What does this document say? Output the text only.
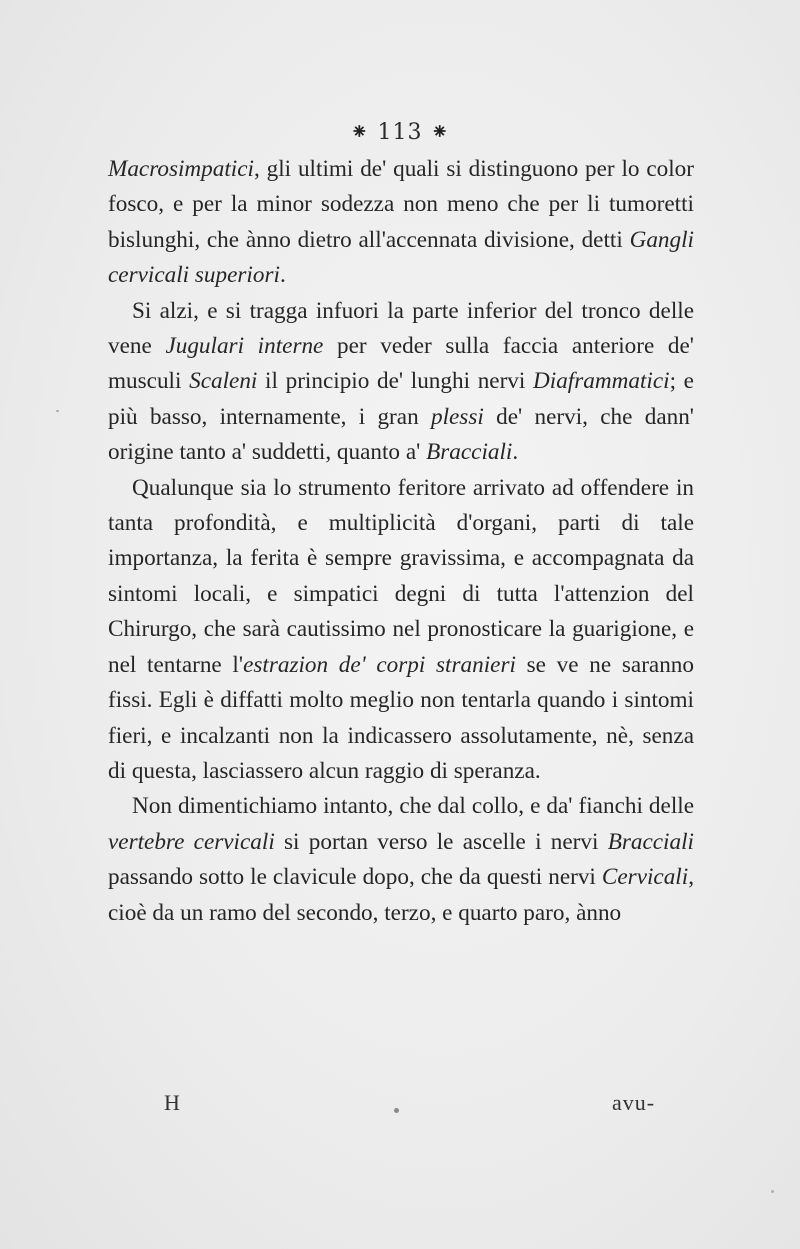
⁕ 113 ⁕

Macrosimpatici, gli ultimi de' quali si distinguono per lo color fosco, e per la minor sodezza non meno che per li tumoretti bislunghi, che ànno dietro all'accennata divisione, detti Gangli cervicali superiori.

Si alzi, e si tragga infuori la parte inferior del tronco delle vene Jugulari interne per veder sulla faccia anteriore de' musculi Scaleni il principio de' lunghi nervi Diaframmatici; e più basso, internamente, i gran plessi de' nervi, che dann' origine tanto a' suddetti, quanto a' Bracciali.

Qualunque sia lo strumento feritore arrivato ad offendere in tanta profondità, e multiplicità d'organi, parti di tale importanza, la ferita è sempre gravissima, e accompagnata da sintomi locali, e simpatici degni di tutta l'attenzion del Chirurgo, che sarà cautissimo nel pronosticare la guarigione, e nel tentarne l'estrazion de' corpi stranieri se ve ne saranno fissi. Egli è diffatti molto meglio non tentarla quando i sintomi fieri, e incalzanti non la indicassero assolutamente, nè, senza di questa, lasciassero alcun raggio di speranza.

Non dimentichiamo intanto, che dal collo, e da' fianchi delle vertebre cervicali si portan verso le ascelle i nervi Bracciali passando sotto le clavicule dopo, che da questi nervi Cervicali, cioè da un ramo del secondo, terzo, e quarto paro, ànno

H	avu-
